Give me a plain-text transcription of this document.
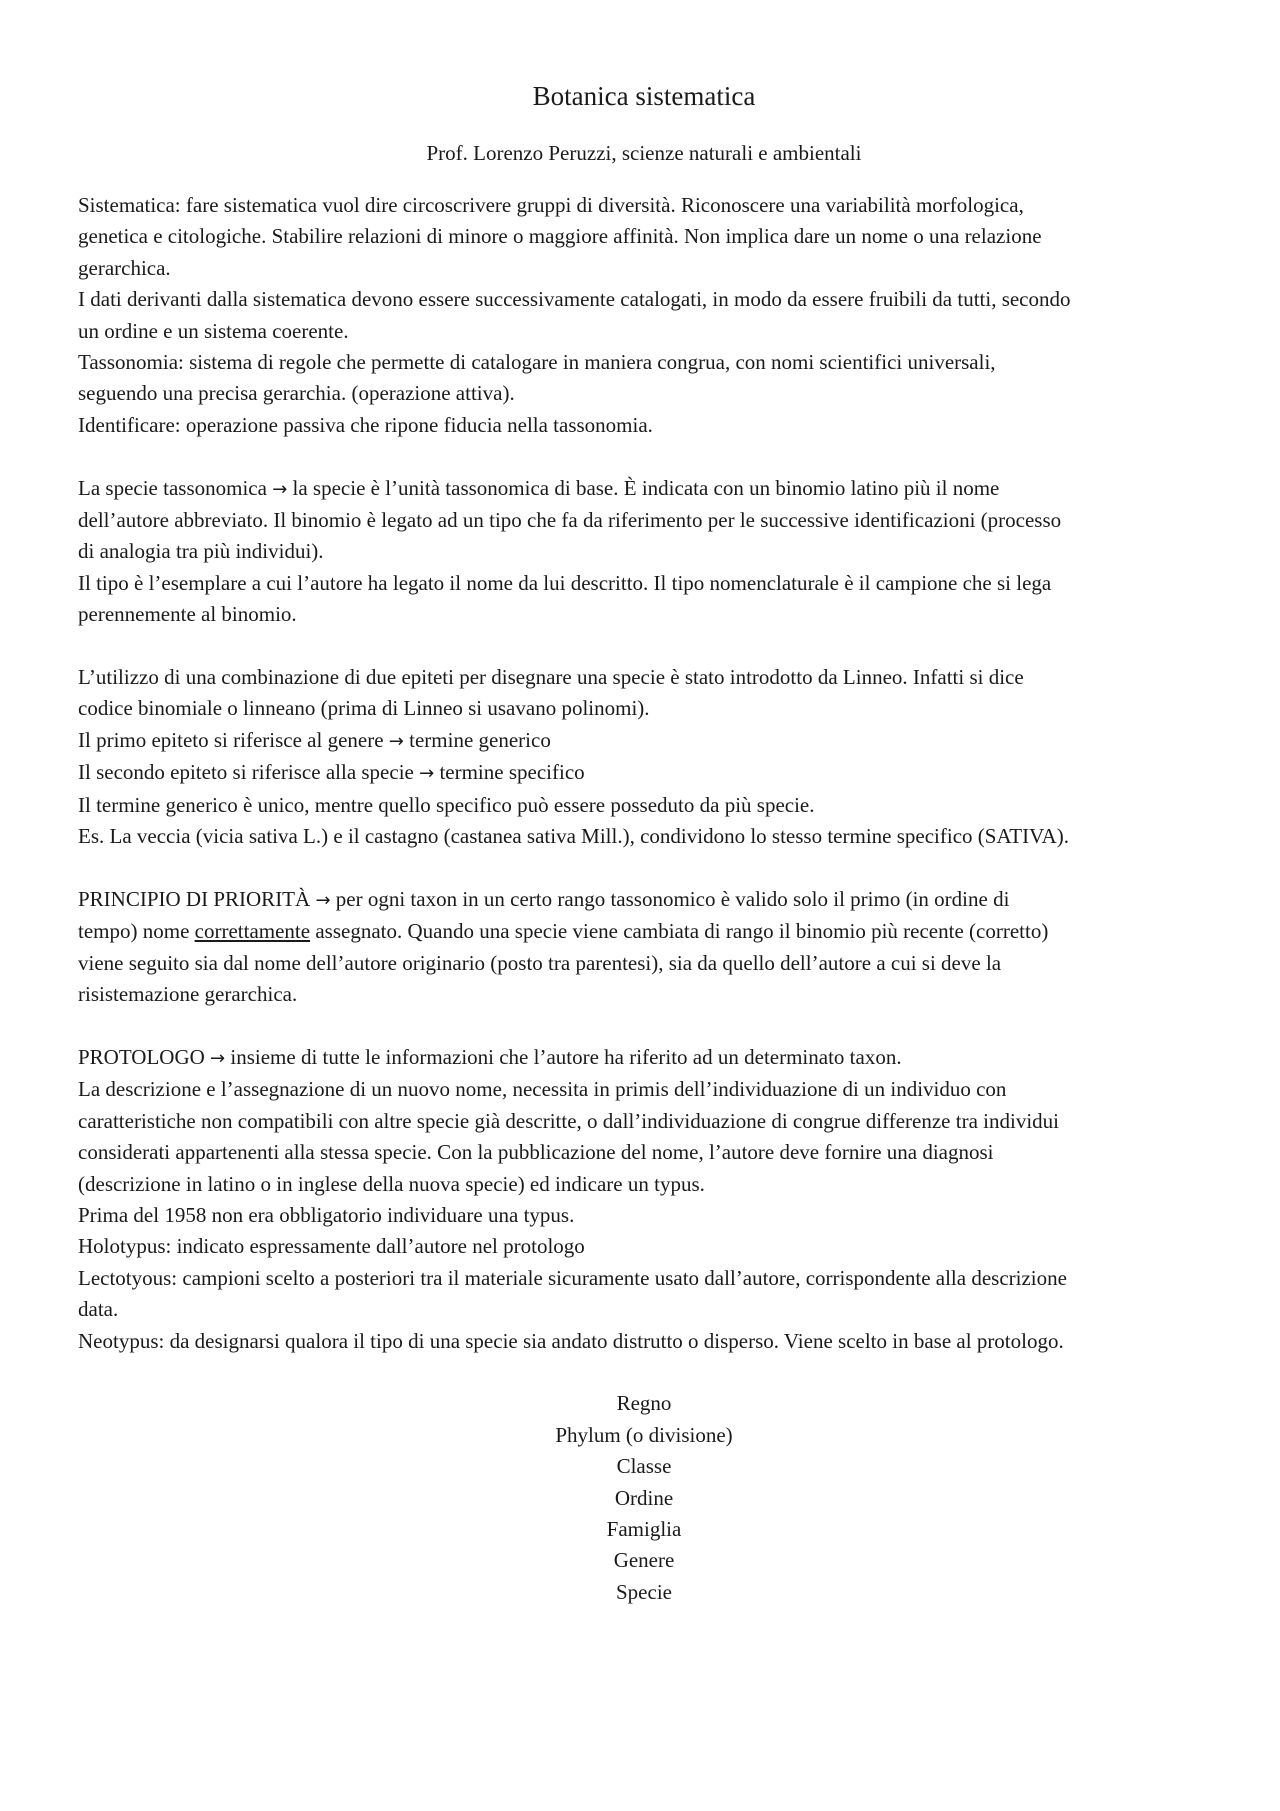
Botanica sistematica
Prof. Lorenzo Peruzzi, scienze naturali e ambientali
Sistematica: fare sistematica vuol dire circoscrivere gruppi di diversità. Riconoscere una variabilità morfologica,
genetica e citologiche. Stabilire relazioni di minore o maggiore affinità. Non implica dare un nome o una relazione
gerarchica.
I dati derivanti dalla sistematica devono essere successivamente catalogati, in modo da essere fruibili da tutti, secondo
un ordine e un sistema coerente.
Tassonomia: sistema di regole che permette di catalogare in maniera congrua, con nomi scientifici universali,
seguendo una precisa gerarchia. (operazione attiva).
Identificare: operazione passiva che ripone fiducia nella tassonomia.
La specie tassonomica → la specie è l’unità tassonomica di base. È indicata con un binomio latino più il nome
dell’autore abbreviato. Il binomio è legato ad un tipo che fa da riferimento per le successive identificazioni (processo
di analogia tra più individui).
Il tipo è l’esemplare a cui l’autore ha legato il nome da lui descritto. Il tipo nomenclaturale è il campione che si lega
perennemente al binomio.
L’utilizzo di una combinazione di due epiteti per disegnare una specie è stato introdotto da Linneo. Infatti si dice
codice binomiale o linneano (prima di Linneo si usavano polinomi).
Il primo epiteto si riferisce al genere → termine generico
Il secondo epiteto si riferisce alla specie → termine specifico
Il termine generico è unico, mentre quello specifico può essere posseduto da più specie.
Es. La veccia (vicia sativa L.) e il castagno (castanea sativa Mill.), condividono lo stesso termine specifico (SATIVA).
PRINCIPIO DI PRIORITÀ → per ogni taxon in un certo rango tassonomico è valido solo il primo (in ordine di
tempo) nome correttamente assegnato. Quando una specie viene cambiata di rango il binomio più recente (corretto)
viene seguito sia dal nome dell’autore originario (posto tra parentesi), sia da quello dell’autore a cui si deve la
risistemazione gerarchica.
PROTOLOGO → insieme di tutte le informazioni che l’autore ha riferito ad un determinato taxon.
La descrizione e l’assegnazione di un nuovo nome, necessita in primis dell’individuazione di un individuo con
caratteristiche non compatibili con altre specie già descritte, o dall’individuazione di congrue differenze tra individui
considerati appartenenti alla stessa specie. Con la pubblicazione del nome, l’autore deve fornire una diagnosi
(descrizione in latino o in inglese della nuova specie) ed indicare un typus.
Prima del 1958 non era obbligatorio individuare una typus.
Holotypus: indicato espressamente dall’autore nel protologo
Lectotyous: campioni scelto a posteriori tra il materiale sicuramente usato dall’autore, corrispondente alla descrizione
data.
Neotypus: da designarsi qualora il tipo di una specie sia andato distrutto o disperso. Viene scelto in base al protologo.
Regno
Phylum (o divisione)
Classe
Ordine
Famiglia
Genere
Specie
